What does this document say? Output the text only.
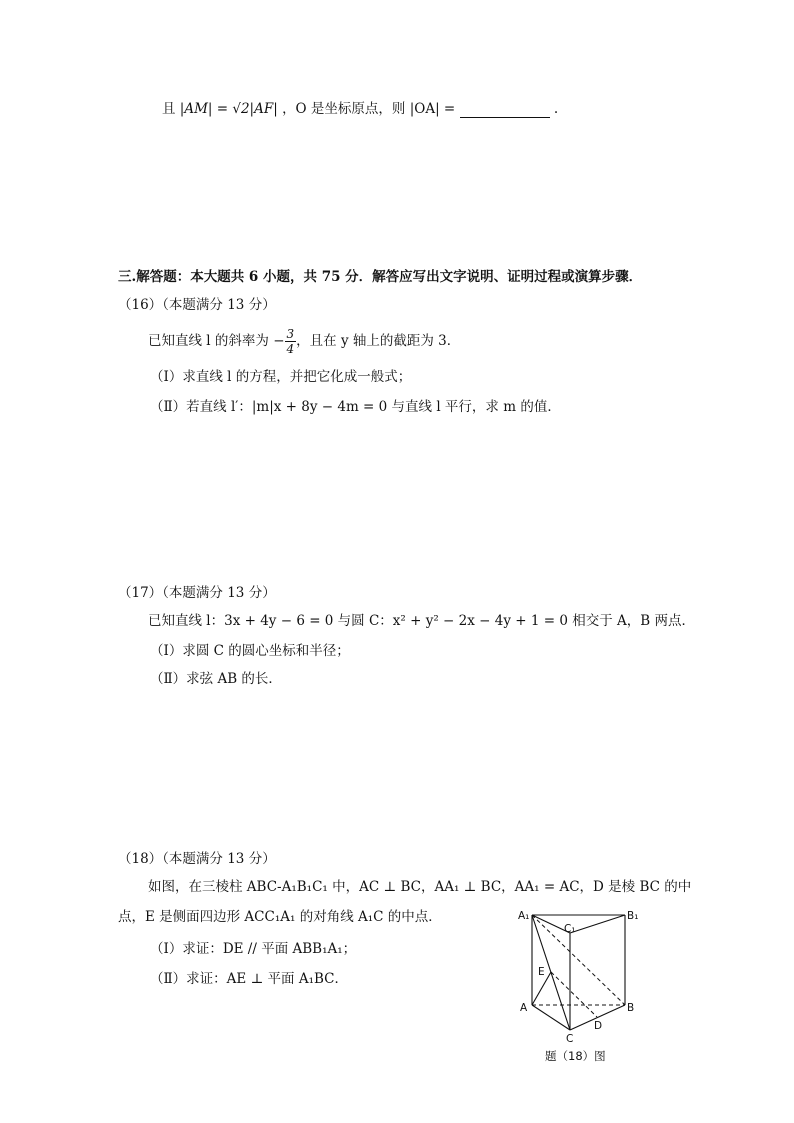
且 |AM| = √2|AF| ，O 是坐标原点，则 |OA| =	.
三.解答题：本大题共 6 小题，共 75 分．解答应写出文字说明、证明过程或演算步骤．
（16）（本题满分 13 分）
已知直线 l 的斜率为 − $\frac{3}{4}$ ，且在 y 轴上的截距为 3．
（Ⅰ）求直线 l 的方程，并把它化成一般式；
（Ⅱ）若直线 l′：|m|x + 8y − 4m = 0 与直线 l 平行，求 m 的值．
（17）（本题满分 13 分）
已知直线 l：3x + 4y − 6 = 0 与圆 C：x² + y² − 2x − 4y + 1 = 0 相交于 A，B 两点．
（Ⅰ）求圆 C 的圆心坐标和半径；
（Ⅱ）求弦 AB 的长．
（18）（本题满分 13 分）
如图，在三棱柱 ABC-A₁B₁C₁ 中，AC ⊥ BC，AA₁ ⊥ BC，AA₁ = AC，D 是棱 BC 的中
点，E 是侧面四边形 ACC₁A₁ 的对角线 A₁C 的中点．
（Ⅰ）求证：DE // 平面 ABB₁A₁；
（Ⅱ）求证：AE ⊥ 平面 A₁BC．
A₁	B₁
C₁
E
A	B
D
C
题（18）图
